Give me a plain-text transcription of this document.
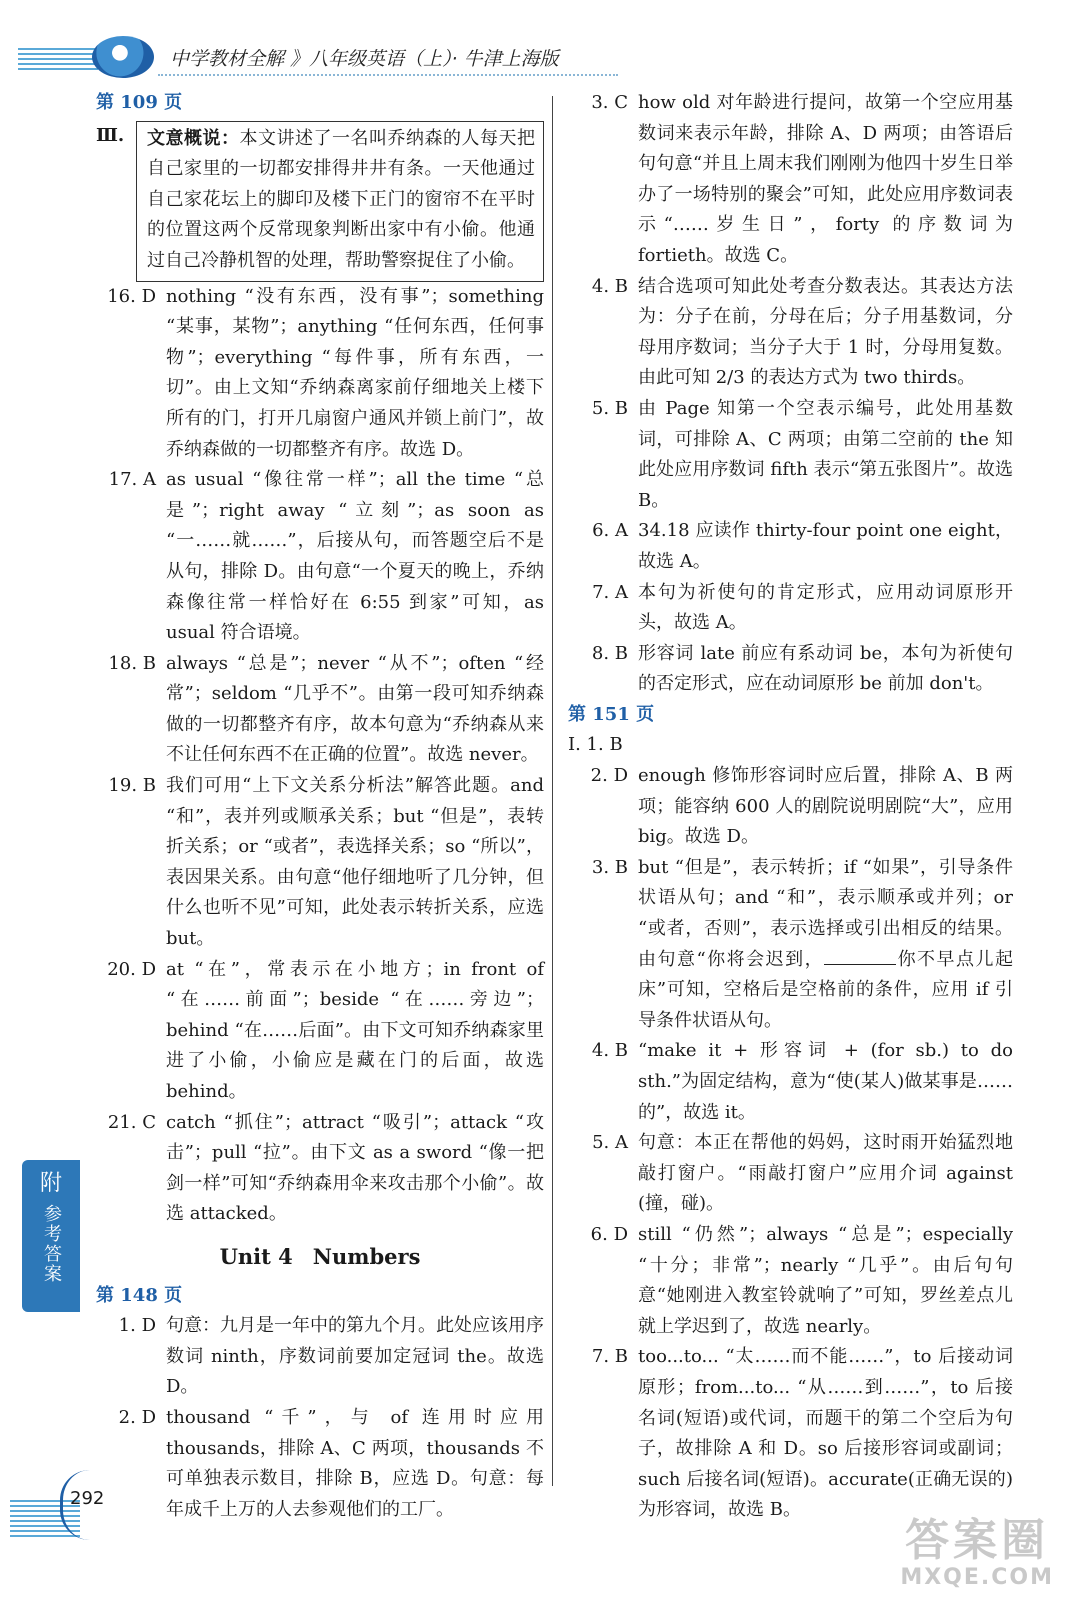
中学教材全解 》八年级英语（上）· 牛津上海版
第 109 页
Ⅲ.	文意概说：本文讲述了一名叫乔纳森的人每天把自己家里的一切都安排得井井有条。一天他通过自己家花坛上的脚印及楼下正门的窗帘不在平时的位置这两个反常现象判断出家中有小偷。他通过自己冷静机智的处理，帮助警察捉住了小偷。
16. D nothing “没有东西，没有事”；something “某事，某物”；anything “任何东西，任何事物”；everything “每件事，所有东西，一切”。由上文知“乔纳森离家前仔细地关上楼下所有的门，打开几扇窗户通风并锁上前门”，故乔纳森做的一切都整齐有序。故选 D。
17. A as usual “像往常一样”；all the time “总是”；right away “立刻”；as soon as “一……就……”，后接从句，而答题空后不是从句，排除 D。由句意“一个夏天的晚上，乔纳森像往常一样恰好在 6:55 到家”可知，as usual 符合语境。
18. B always “总是”；never “从不”；often “经常”；seldom “几乎不”。由第一段可知乔纳森做的一切都整齐有序，故本句意为“乔纳森从来不让任何东西不在正确的位置”。故选 never。
19. B 我们可用“上下文关系分析法”解答此题。and “和”，表并列或顺承关系；but “但是”，表转折关系；or “或者”，表选择关系；so “所以”，表因果关系。由句意“他仔细地听了几分钟，但什么也听不见”可知，此处表示转折关系，应选 but。
20. D at “在”，常表示在小地方；in front of “在……前面”；beside “在……旁边”；behind “在……后面”。由下文可知乔纳森家里进了小偷，小偷应是藏在门的后面，故选 behind。
21. C catch “抓住”；attract “吸引”；attack “攻击”；pull “拉”。由下文 as a sword “像一把剑一样”可知“乔纳森用伞来攻击那个小偷”。故选 attacked。
Unit 4 Numbers
第 148 页
1. D 句意：九月是一年中的第九个月。此处应该用序数词 ninth，序数词前要加定冠词 the。故选 D。
2. D thousand “千”，与 of 连用时应用 thousands，排除 A、C 两项，thousands 不可单独表示数目，排除 B，应选 D。句意：每年成千上万的人去参观他们的工厂。
3. C how old 对年龄进行提问，故第一个空应用基数词来表示年龄，排除 A、D 两项；由答语后句句意“并且上周末我们刚刚为他四十岁生日举办了一场特别的聚会”可知，此处应用序数词表示“……岁生日”，forty 的序数词为 fortieth。故选 C。
4. B 结合选项可知此处考查分数表达。其表达方法为：分子在前，分母在后；分子用基数词，分母用序数词；当分子大于 1 时，分母用复数。由此可知 2/3 的表达方式为 two thirds。
5. B 由 Page 知第一个空表示编号，此处用基数词，可排除 A、C 两项；由第二空前的 the 知此处应用序数词 fifth 表示“第五张图片”。故选 B。
6. A 34.18 应读作 thirty-four point one eight，故选 A。
7. A 本句为祈使句的肯定形式，应用动词原形开头，故选 A。
8. B 形容词 late 前应有系动词 be，本句为祈使句的否定形式，应在动词原形 be 前加 don't。
第 151 页
Ⅰ. 1. B
2. D enough 修饰形容词时应后置，排除 A、B 两项；能容纳 600 人的剧院说明剧院“大”，应用 big。故选 D。
3. B but “但是”，表示转折；if “如果”，引导条件状语从句；and “和”，表示顺承或并列；or “或者，否则”，表示选择或引出相反的结果。由句意“你将会迟到，	你不早点儿起床”可知，空格后是空格前的条件，应用 if 引导条件状语从句。
4. B “make it + 形容词 + (for sb.) to do sth.”为固定结构，意为“使(某人)做某事是……的”，故选 it。
5. A 句意：本正在帮他的妈妈，这时雨开始猛烈地敲打窗户。“雨敲打窗户”应用介词 against (撞，碰)。
6. D still “仍然”；always “总是”；especially “十分；非常”；nearly “几乎”。由后句句意“她刚进入教室铃就响了”可知，罗丝差点儿就上学迟到了，故选 nearly。
7. B too...to... “太……而不能……”，to 后接动词原形；from...to... “从……到……”，to 后接名词(短语)或代词，而题干的第二个空后为句子，故排除 A 和 D。so 后接形容词或副词；such 后接名词(短语)。accurate(正确无误的)为形容词，故选 B。
附
参考答案
292
答案圈
MXQE.COM
